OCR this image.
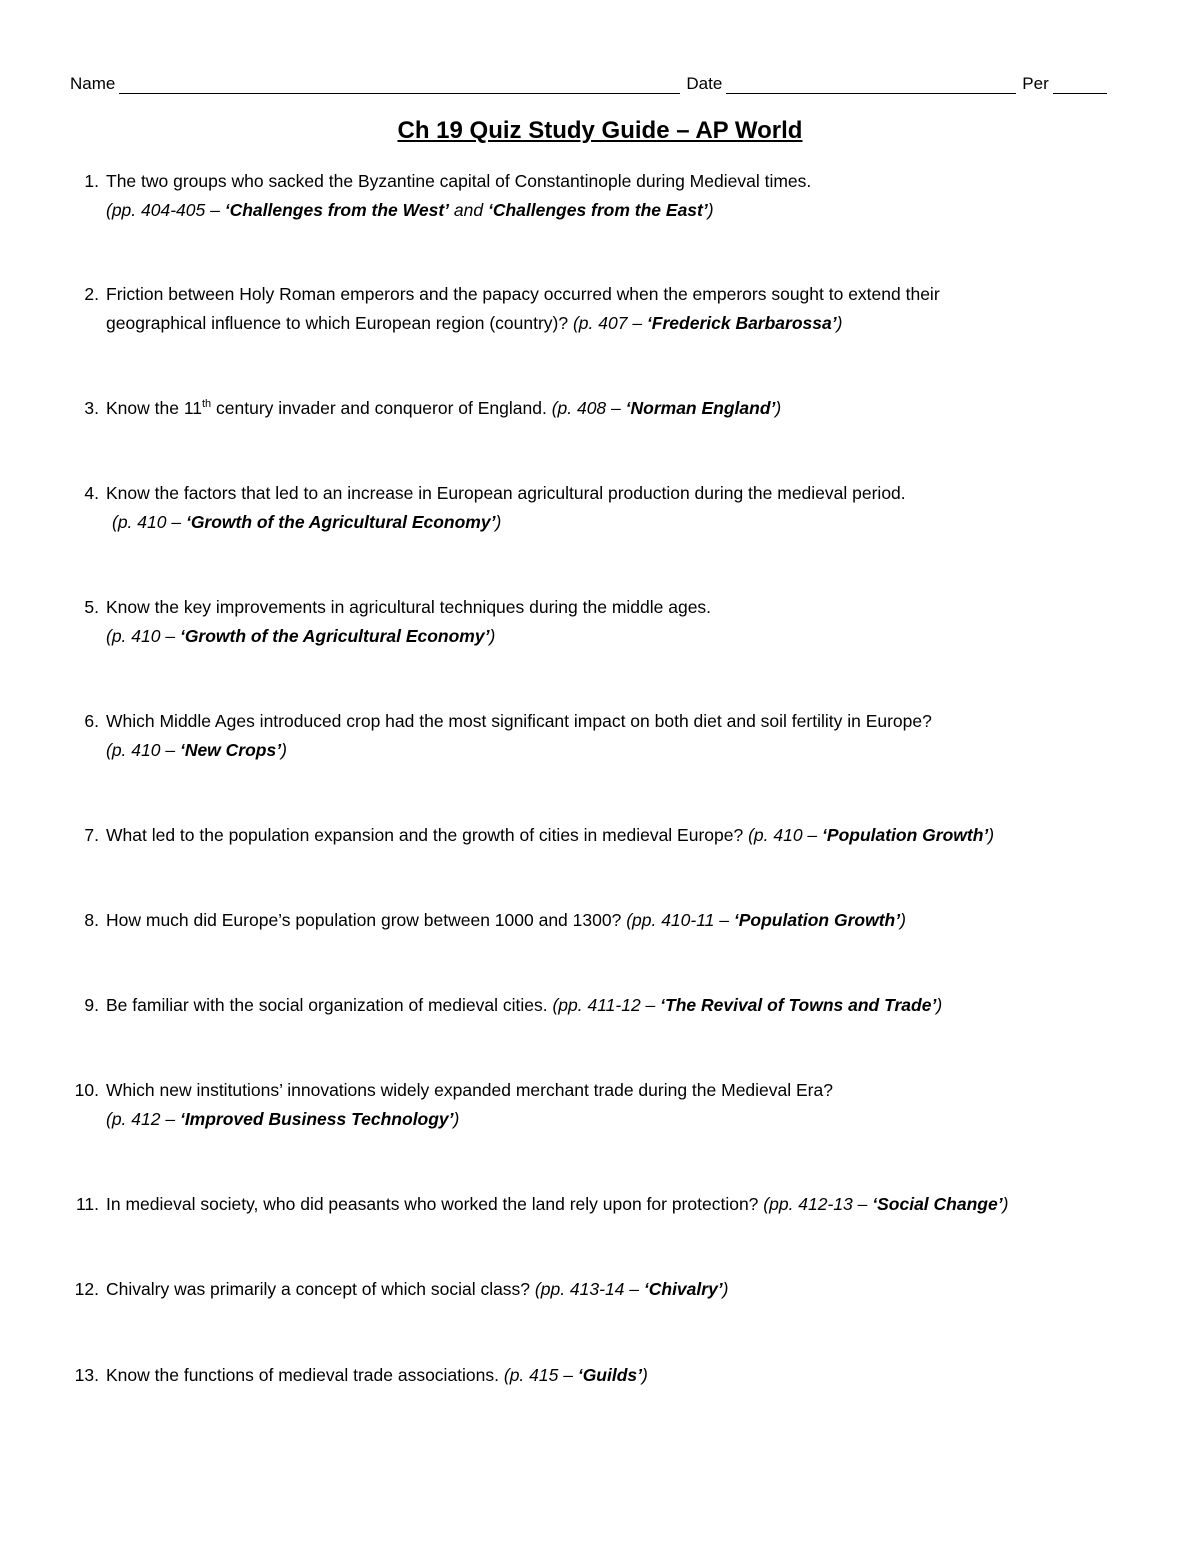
Name	Date	Per
Ch 19 Quiz Study Guide – AP World
1. The two groups who sacked the Byzantine capital of Constantinople during Medieval times.
(pp. 404-405 – ‘Challenges from the West’ and ‘Challenges from the East’)
2. Friction between Holy Roman emperors and the papacy occurred when the emperors sought to extend their
geographical influence to which European region (country)? (p. 407 – ‘Frederick Barbarossa’)
3. Know the 11th century invader and conqueror of England. (p. 408 – ‘Norman England’)
4. Know the factors that led to an increase in European agricultural production during the medieval period.
(p. 410 – ‘Growth of the Agricultural Economy’)
5. Know the key improvements in agricultural techniques during the middle ages.
(p. 410 – ‘Growth of the Agricultural Economy’)
6. Which Middle Ages introduced crop had the most significant impact on both diet and soil fertility in Europe?
(p. 410 – ‘New Crops’)
7. What led to the population expansion and the growth of cities in medieval Europe? (p. 410 – ‘Population Growth’)
8. How much did Europe’s population grow between 1000 and 1300? (pp. 410-11 – ‘Population Growth’)
9. Be familiar with the social organization of medieval cities. (pp. 411-12 – ‘The Revival of Towns and Trade’)
10. Which new institutions’ innovations widely expanded merchant trade during the Medieval Era?
(p. 412 – ‘Improved Business Technology’)
11. In medieval society, who did peasants who worked the land rely upon for protection? (pp. 412-13 – ‘Social Change’)
12. Chivalry was primarily a concept of which social class? (pp. 413-14 – ‘Chivalry’)
13. Know the functions of medieval trade associations. (p. 415 – ‘Guilds’)
